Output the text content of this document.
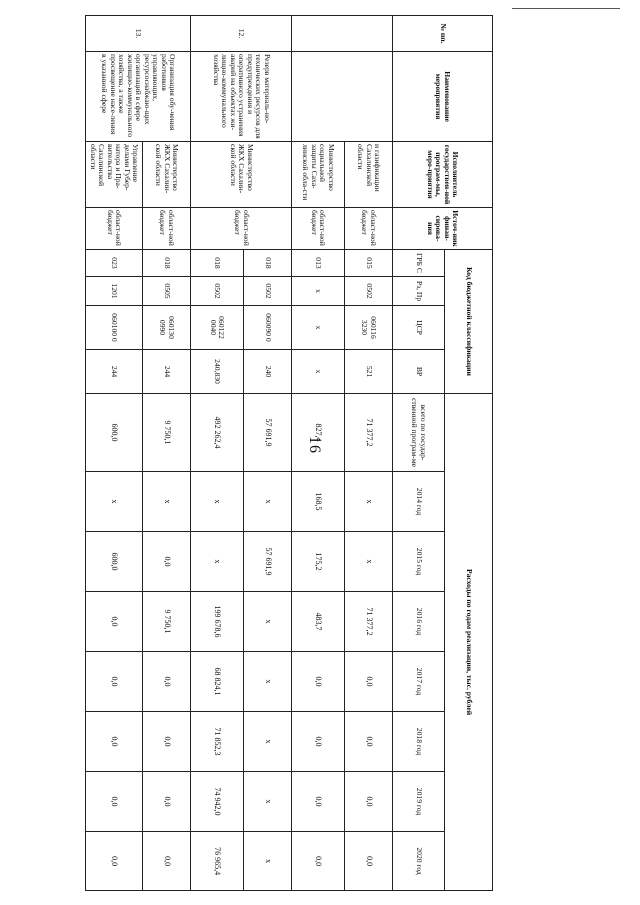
16
№ пп.	Наименование мероприятия	Исполнитель государствен-ной програм-мы, меро-приятия	Источ-ник финан-сирова-ния	Код бюджетной классификации				Расходы по годам реализации, тыс. рублей							
				ГРБ С	Рз, Пр	ЦСР	ВР	всего по государ-ственной програм-ме	2014 год	2015 год	2016 год	2017 год	2018 год	2019 год	2020 год
		и газификации Сахалинской области	област-ной бюджет	015	0502	060116 3230	521	71 377,2	х	х	71 377,2	0,0	0,0	0,0	0,0
		Министерство социальной защиты Саха-линской обла-сти	област-ной бюджет	013	х	х	х	827,4	168,5	175,2	483,7	0,0	0,0	0,0	0,0
12.	Резерв материаль-но-технических ресурсов для предупреждения и оперативного устранения аварий на объектах жи-лищно-коммунального хозяйства	Министерство ЖКХ Сахалин-ской области	област-ной бюджет	018	0502	060090 0	240	57 691,9	х	57 691,9	х	х	х	х	х
				018	0502	060122 0040	240,830	492 262,4	х	х	199 678,6	68 824,1	71 852,3	74 942,0	76 965,4
13.	Организация обу-чения работников управляющих, ресурсоснабжаю-щих организаций в сфере жилищно-коммунального хозяйства, а также просвещение насе-ления в указанной сфере	Министерство ЖКХ Сахалин-ской области	област-ной бюджет	018	0505	060130 0990	244	9 750,1	х	0,0	9 750,1	0,0	0,0	0,0	0,0
		Управление делами Губер-натора и Пра-вительства Сахалинской области	област-ной бюджет	023	1201	060100 0	244	600,0	х	600,0	0,0	0,0	0,0	0,0	0,0
